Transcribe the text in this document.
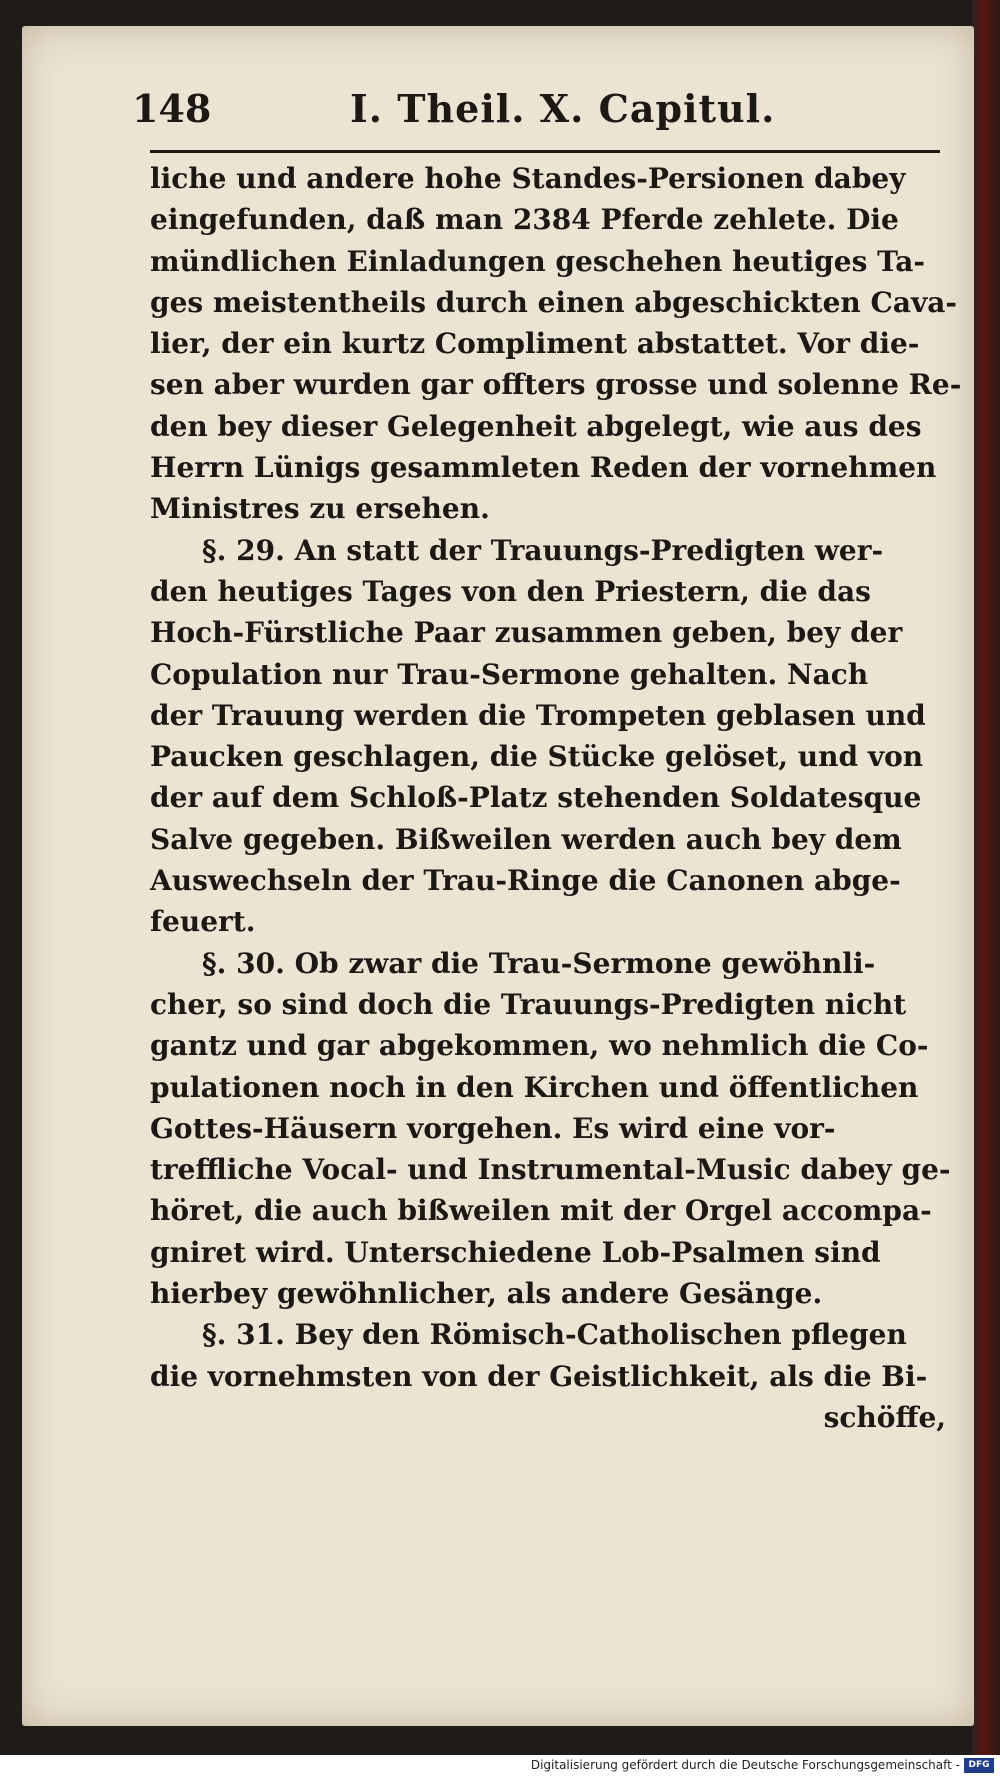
148	I. Theil. X. Capitul.
liche und andere hohe Standes-Persionen dabey
eingefunden, daß man 2384 Pferde zehlete. Die
mündlichen Einladungen geschehen heutiges Ta-
ges meistentheils durch einen abgeschickten Cava-
lier, der ein kurtz Compliment abstattet. Vor die-
sen aber wurden gar offters grosse und solenne Re-
den bey dieser Gelegenheit abgelegt, wie aus des
Herrn Lünigs gesammleten Reden der vornehmen
Ministres zu ersehen.
§. 29. An statt der Trauungs-Predigten wer-
den heutiges Tages von den Priestern, die das
Hoch-Fürstliche Paar zusammen geben, bey der
Copulation nur Trau-Sermone gehalten. Nach
der Trauung werden die Trompeten geblasen und
Paucken geschlagen, die Stücke gelöset, und von
der auf dem Schloß-Platz stehenden Soldatesque
Salve gegeben. Bißweilen werden auch bey dem
Auswechseln der Trau-Ringe die Canonen abge-
feuert.
§. 30. Ob zwar die Trau-Sermone gewöhnli-
cher, so sind doch die Trauungs-Predigten nicht
gantz und gar abgekommen, wo nehmlich die Co-
pulationen noch in den Kirchen und öffentlichen
Gottes-Häusern vorgehen. Es wird eine vor-
treffliche Vocal- und Instrumental-Music dabey ge-
höret, die auch bißweilen mit der Orgel accompa-
gniret wird. Unterschiedene Lob-Psalmen sind
hierbey gewöhnlicher, als andere Gesänge.
§. 31. Bey den Römisch-Catholischen pflegen
die vornehmsten von der Geistlichkeit, als die Bi-
schöffe,
Digitalisierung gefördert durch die Deutsche Forschungsgemeinschaft - DFG
